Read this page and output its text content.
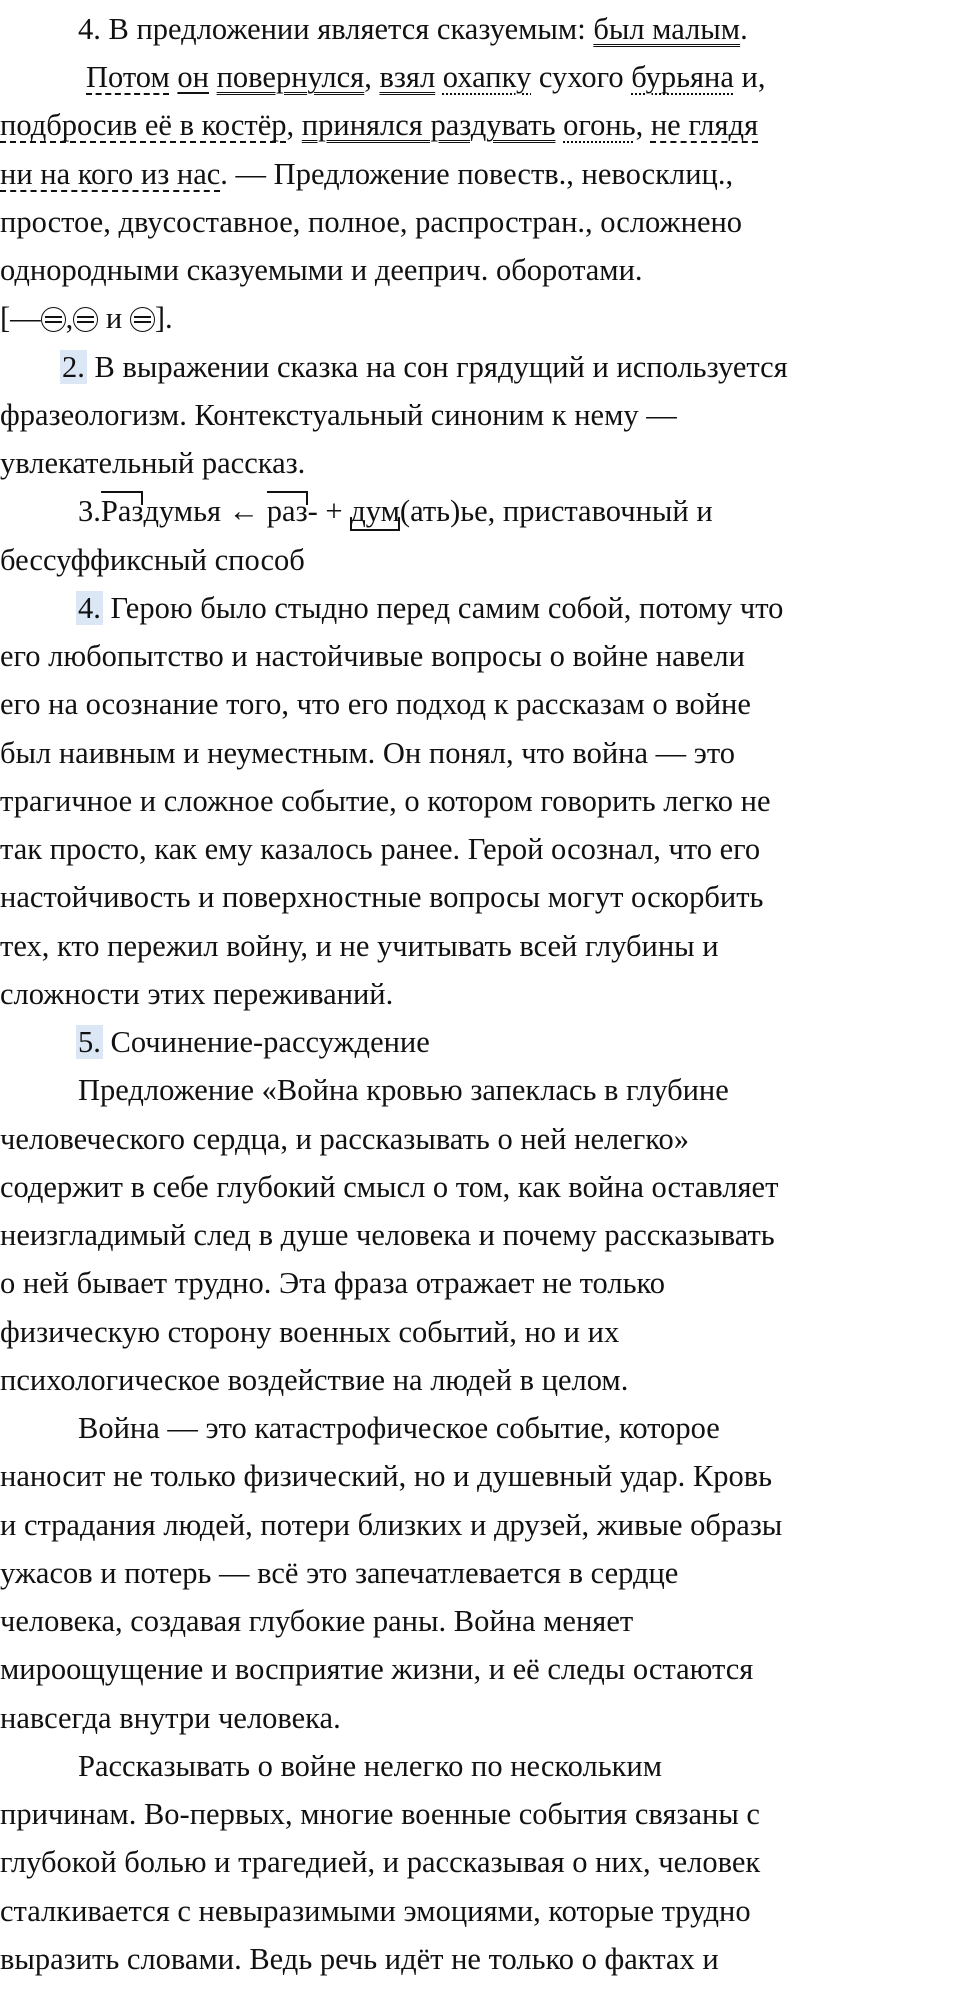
4. В предложении является сказуемым: был малым.
Потом он повернулся, взял охапку сухого бурьяна и,
подбросив её в костёр, принялся раздувать огонь, не глядя
ни на кого из нас. — Предложение повеств., невосклиц.,
простое, двусоставное, полное, распростран., осложнено
однородными сказуемыми и дееприч. оборотами.
[— , и ].
2. В выражении сказка на сон грядущий и используется
фразеологизм. Контекстуальный синоним к нему —
увлекательный рассказ.
3.Раздумья ← раз- + дум(ать)ье, приставочный и
бессуффиксный способ
4. Герою было стыдно перед самим собой, потому что
его любопытство и настойчивые вопросы о войне навели
его на осознание того, что его подход к рассказам о войне
был наивным и неуместным. Он понял, что война — это
трагичное и сложное событие, о котором говорить легко не
так просто, как ему казалось ранее. Герой осознал, что его
настойчивость и поверхностные вопросы могут оскорбить
тех, кто пережил войну, и не учитывать всей глубины и
сложности этих переживаний.
5. Сочинение-рассуждение
Предложение «Война кровью запеклась в глубине
человеческого сердца, и рассказывать о ней нелегко»
содержит в себе глубокий смысл о том, как война оставляет
неизгладимый след в душе человека и почему рассказывать
о ней бывает трудно. Эта фраза отражает не только
физическую сторону военных событий, но и их
психологическое воздействие на людей в целом.
Война — это катастрофическое событие, которое
наносит не только физический, но и душевный удар. Кровь
и страдания людей, потери близких и друзей, живые образы
ужасов и потерь — всё это запечатлевается в сердце
человека, создавая глубокие раны. Война меняет
мироощущение и восприятие жизни, и её следы остаются
навсегда внутри человека.
Рассказывать о войне нелегко по нескольким
причинам. Во-первых, многие военные события связаны с
глубокой болью и трагедией, и рассказывая о них, человек
сталкивается с невыразимыми эмоциями, которые трудно
выразить словами. Ведь речь идёт не только о фактах и
